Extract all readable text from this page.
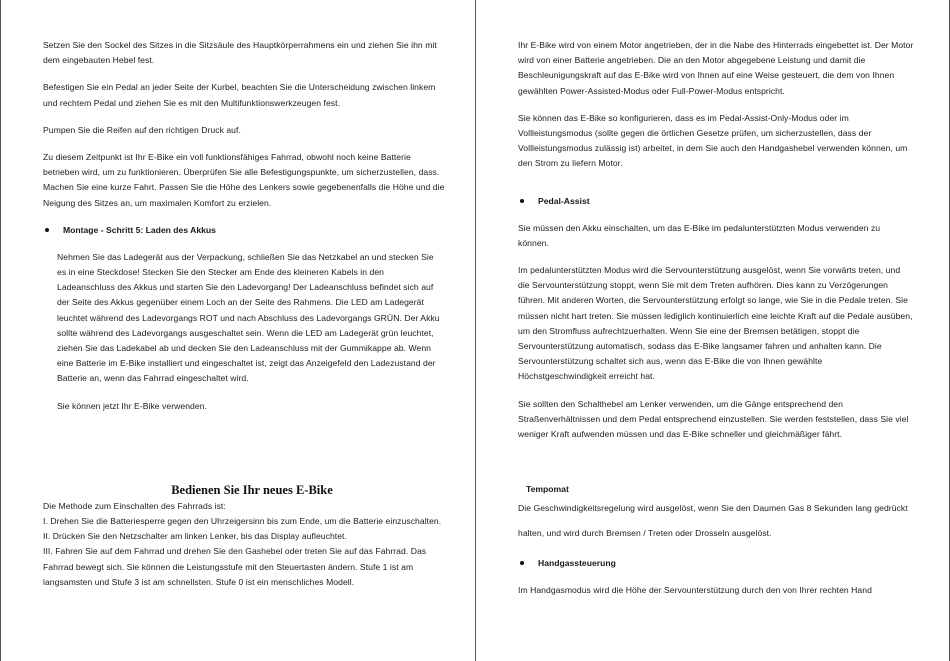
Setzen Sie den Sockel des Sitzes in die Sitzsäule des Hauptkörperrahmens ein und ziehen Sie ihn mit
dem eingebauten Hebel fest.
Befestigen Sie ein Pedal an jeder Seite der Kurbel, beachten Sie die Unterscheidung zwischen linkem
und rechtem Pedal und ziehen Sie es mit den Multifunktionswerkzeugen fest.
Pumpen Sie die Reifen auf den richtigen Druck auf.
Zu diesem Zeitpunkt ist Ihr E-Bike ein voll funktionsfähiges Fahrrad, obwohl noch keine Batterie
betrieben wird, um zu funktionieren. Überprüfen Sie alle Befestigungspunkte, um sicherzustellen, dass.
Machen Sie eine kurze Fahrt. Passen Sie die Höhe des Lenkers sowie gegebenenfalls die Höhe und die
Neigung des Sitzes an, um maximalen Komfort zu erzielen.
Montage - Schritt 5: Laden des Akkus
Nehmen Sie das Ladegerät aus der Verpackung, schließen Sie das Netzkabel an und stecken Sie
es in eine Steckdose! Stecken Sie den Stecker am Ende des kleineren Kabels in den
Ladeanschluss des Akkus und starten Sie den Ladevorgang! Der Ladeanschluss befindet sich auf
der Seite des Akkus gegenüber einem Loch an der Seite des Rahmens. Die LED am Ladegerät
leuchtet während des Ladevorgangs ROT und nach Abschluss des Ladevorgangs GRÜN. Der Akku
sollte während des Ladevorgangs ausgeschaltet sein. Wenn die LED am Ladegerät grün leuchtet,
ziehen Sie das Ladekabel ab und decken Sie den Ladeanschluss mit der Gummikappe ab. Wenn
eine Batterie im E-Bike installiert und eingeschaltet ist, zeigt das Anzeigefeld den Ladezustand der
Batterie an, wenn das Fahrrad eingeschaltet wird.
Sie können jetzt Ihr E-Bike verwenden.
Bedienen Sie Ihr neues E-Bike
Die Methode zum Einschalten des Fahrrads ist:
I. Drehen Sie die Batteriesperre gegen den Uhrzeigersinn bis zum Ende, um die Batterie einzuschalten.
II. Drücken Sie den Netzschalter am linken Lenker, bis das Display aufleuchtet.
III. Fahren Sie auf dem Fahrrad und drehen Sie den Gashebel oder treten Sie auf das Fahrrad. Das
Fahrrad bewegt sich. Sie können die Leistungsstufe mit den Steuertasten ändern. Stufe 1 ist am
langsamsten und Stufe 3 ist am schnellsten. Stufe 0 ist ein menschliches Modell.
Ihr E-Bike wird von einem Motor angetrieben, der in die Nabe des Hinterrads eingebettet ist. Der Motor
wird von einer Batterie angetrieben. Die an den Motor abgegebene Leistung und damit die
Beschleunigungskraft auf das E-Bike wird von Ihnen auf eine Weise gesteuert, die dem von Ihnen
gewählten Power-Assisted-Modus oder Full-Power-Modus entspricht.
Sie können das E-Bike so konfigurieren, dass es im Pedal-Assist-Only-Modus oder im
Vollleistungsmodus (sollte gegen die örtlichen Gesetze prüfen, um sicherzustellen, dass der
Vollleistungsmodus zulässig ist) arbeitet, in dem Sie auch den Handgashebel verwenden können, um
den Strom zu liefern Motor.
Pedal-Assist
Sie müssen den Akku einschalten, um das E-Bike im pedalunterstützten Modus verwenden zu
können.
Im pedalunterstützten Modus wird die Servounterstützung ausgelöst, wenn Sie vorwärts treten, und
die Servounterstützung stoppt, wenn Sie mit dem Treten aufhören. Dies kann zu Verzögerungen
führen. Mit anderen Worten, die Servounterstützung erfolgt so lange, wie Sie in die Pedale treten. Sie
müssen nicht hart treten. Sie müssen lediglich kontinuierlich eine leichte Kraft auf die Pedale ausüben,
um den Stromfluss aufrechtzuerhalten. Wenn Sie eine der Bremsen betätigen, stoppt die
Servounterstützung automatisch, sodass das E-Bike langsamer fahren und anhalten kann. Die
Servounterstützung schaltet sich aus, wenn das E-Bike die von Ihnen gewählte
Höchstgeschwindigkeit erreicht hat.
Sie sollten den Schalthebel am Lenker verwenden, um die Gänge entsprechend den
Straßenverhältnissen und dem Pedal entsprechend einzustellen. Sie werden feststellen, dass Sie viel
weniger Kraft aufwenden müssen und das E-Bike schneller und gleichmäßiger fährt.
Tempomat
Die Geschwindigkeitsregelung wird ausgelöst, wenn Sie den Daumen Gas 8 Sekunden lang gedrückt
halten, und wird durch Bremsen / Treten oder Drosseln ausgelöst.
Handgassteuerung
Im Handgasmodus wird die Höhe der Servounterstützung durch den von Ihrer rechten Hand
